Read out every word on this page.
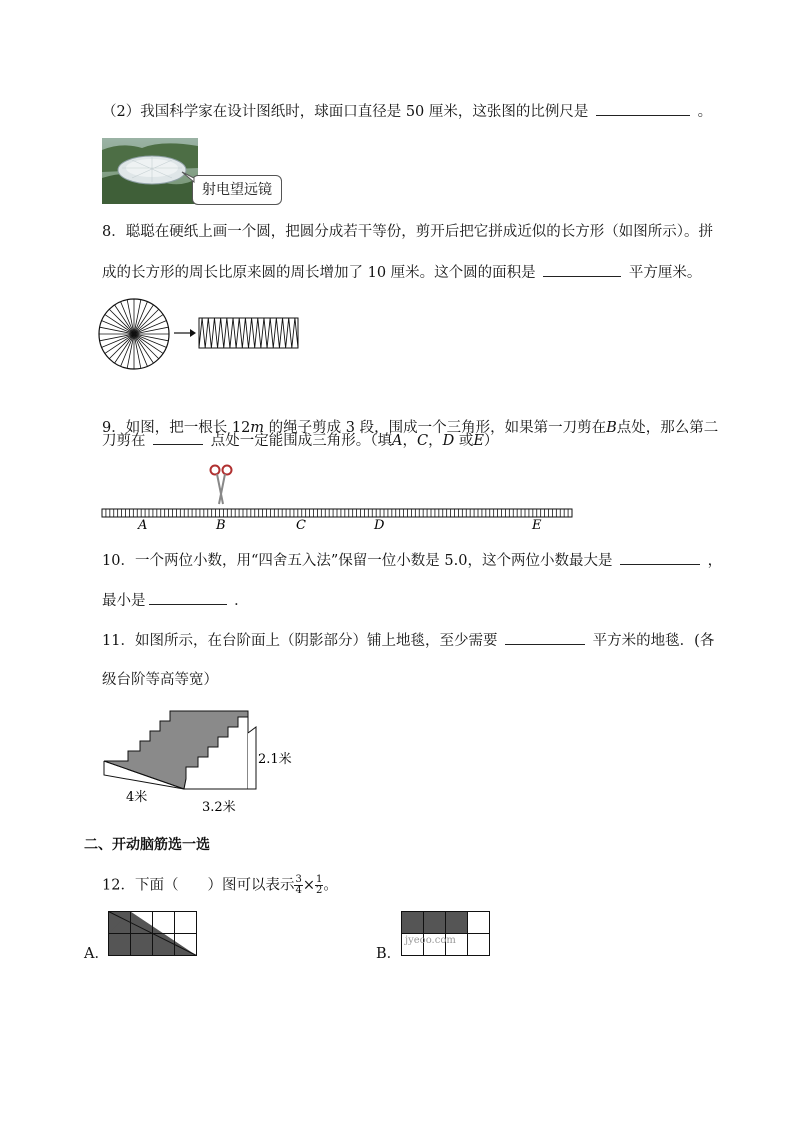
（2）我国科学家在设计图纸时，球面口直径是 50 厘米，这张图的比例尺是	。
射电望远镜
8．聪聪在硬纸上画一个圆，把圆分成若干等份，剪开后把它拼成近似的长方形（如图所示）。拼
成的长方形的周长比原来圆的周长增加了 10 厘米。这个圆的面积是	平方厘米。
9．如图，把一根长 12m 的绳子剪成 3 段，围成一个三角形，如果第一刀剪在B点处，那么第二
刀剪在	点处一定能围成三角形。（填A，C，D 或E）
A	B	C	D	E
10．一个两位小数，用“四舍五入法”保留一位小数是 5.0，这个两位小数最大是	，
最小是	．
11．如图所示，在台阶面上（阴影部分）铺上地毯，至少需要	平方米的地毯．(各
级台阶等高等宽）
2.1米
4米
3.2米
二、开动脑筋选一选
12．下面（　　）图可以表示 $\frac{3}{4} \times \frac{1}{2}$ 。
A．	B．
jyeoo.com
